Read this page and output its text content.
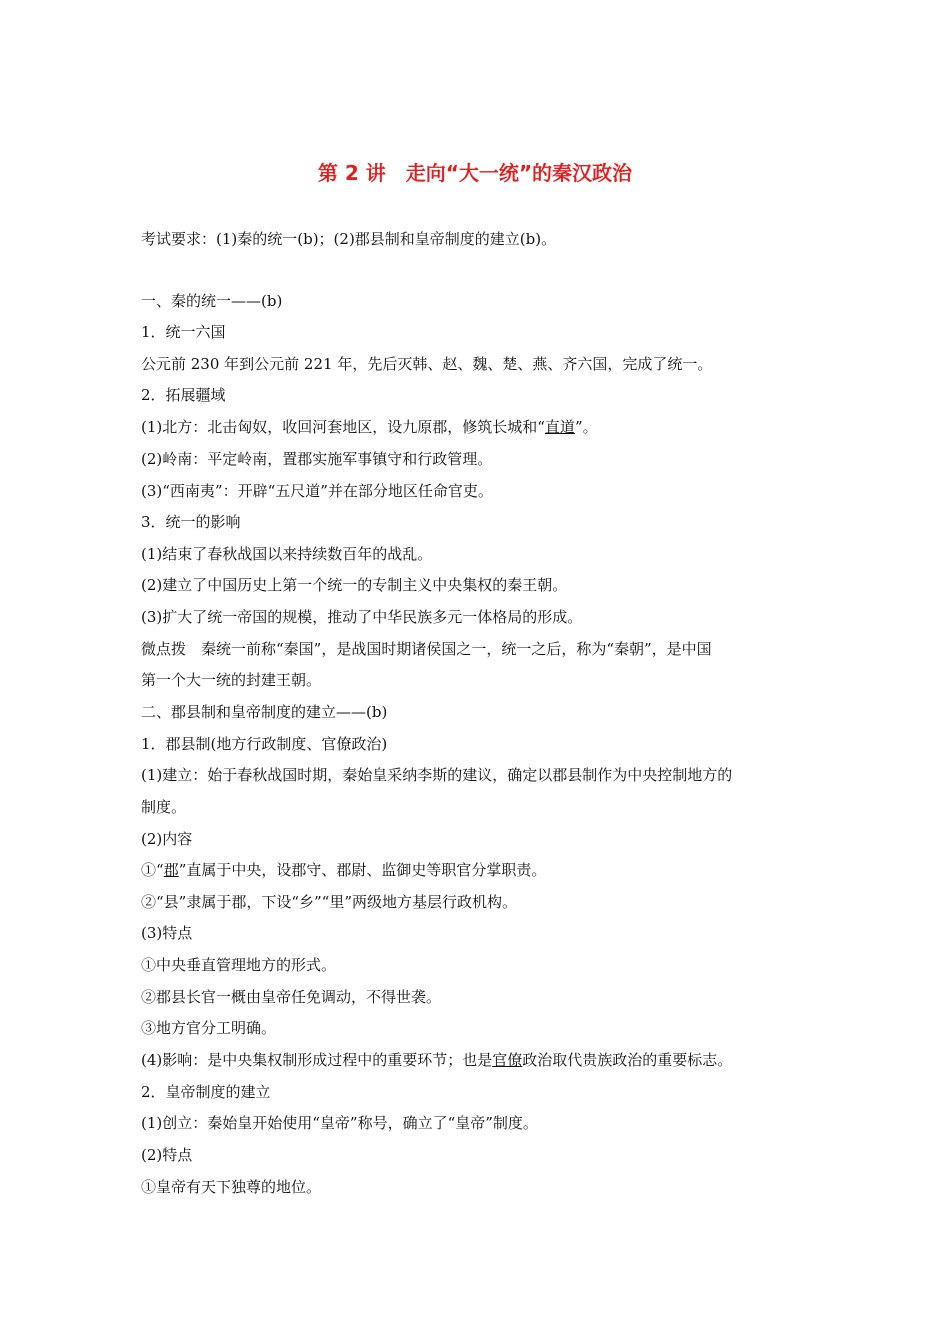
第 2 讲　走向“大一统”的秦汉政治
考试要求：(1)秦的统一(b)；(2)郡县制和皇帝制度的建立(b)。
一、秦的统一——(b)
1．统一六国
公元前 230 年到公元前 221 年，先后灭韩、赵、魏、楚、燕、齐六国，完成了统一。
2．拓展疆域
(1)北方：北击匈奴，收回河套地区，设九原郡，修筑长城和“直道”。
(2)岭南：平定岭南，置郡实施军事镇守和行政管理。
(3)“西南夷”：开辟“五尺道”并在部分地区任命官吏。
3．统一的影响
(1)结束了春秋战国以来持续数百年的战乱。
(2)建立了中国历史上第一个统一的专制主义中央集权的秦王朝。
(3)扩大了统一帝国的规模，推动了中华民族多元一体格局的形成。
微点拨　秦统一前称“秦国”，是战国时期诸侯国之一，统一之后，称为“秦朝”，是中国
第一个大一统的封建王朝。
二、郡县制和皇帝制度的建立——(b)
1．郡县制(地方行政制度、官僚政治)
(1)建立：始于春秋战国时期，秦始皇采纳李斯的建议，确定以郡县制作为中央控制地方的
制度。
(2)内容
①“郡”直属于中央，设郡守、郡尉、监御史等职官分掌职责。
②“县”隶属于郡，下设“乡”“里”两级地方基层行政机构。
(3)特点
①中央垂直管理地方的形式。
②郡县长官一概由皇帝任免调动，不得世袭。
③地方官分工明确。
(4)影响：是中央集权制形成过程中的重要环节；也是官僚政治取代贵族政治的重要标志。
2．皇帝制度的建立
(1)创立：秦始皇开始使用“皇帝”称号，确立了“皇帝”制度。
(2)特点
①皇帝有天下独尊的地位。
